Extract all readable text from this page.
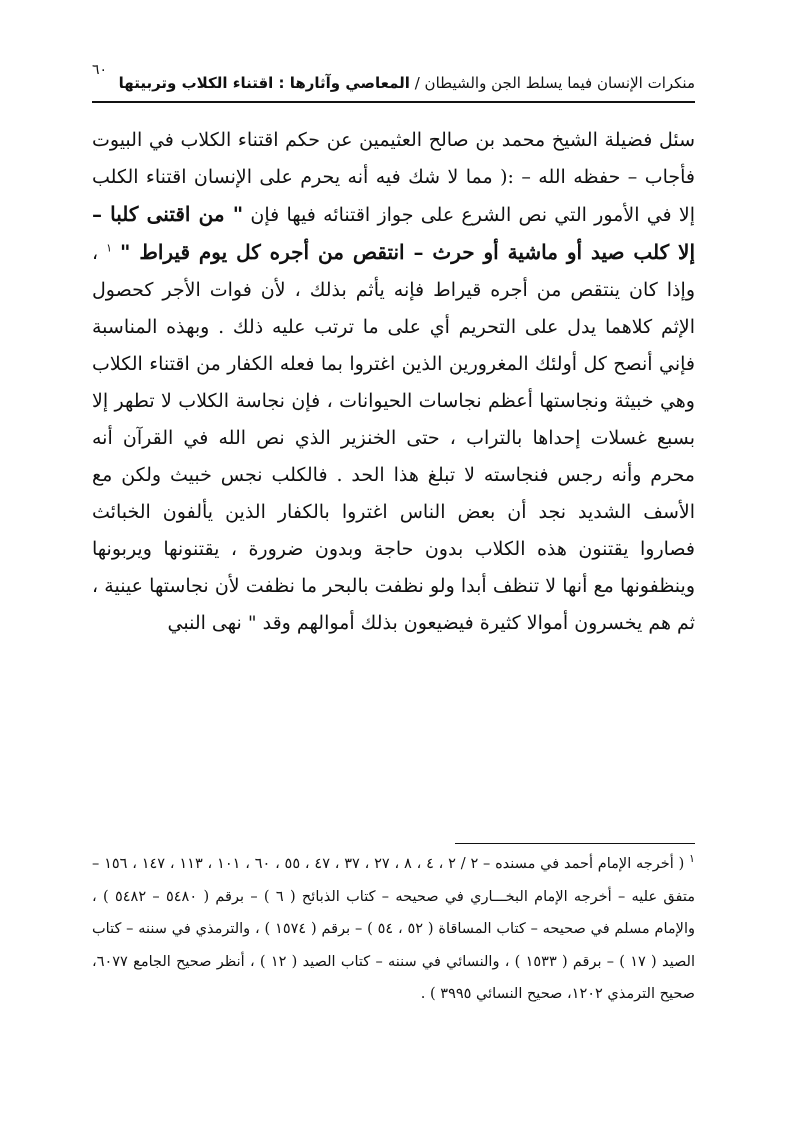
٦٠
منكرات الإنسان فيما يسلط الجن والشيطان / المعاصي وآثارها : اقتناء الكلاب وتربيتها

سئل فضيلة الشيخ محمد بن صالح العثيمين عن حكم اقتناء الكلاب في البيوت فأجاب – حفظه الله – :( مما لا شك فيه أنه يحرم على الإنسان اقتناء الكلب إلا في الأمور التي نص الشرع على جواز اقتنائه فيها فإن " من اقتنى كلبا – إلا كلب صيد أو ماشية أو حرث – انتقص من أجره كل يوم قيراط " $^١$ ، وإذا كان ينتقص من أجره قيراط فإنه يأثم بذلك ، لأن فوات الأجر كحصول الإثم كلاهما يدل على التحريم أي على ما ترتب عليه ذلك . وبهذه المناسبة فإني أنصح كل أولئك المغرورين الذين اغتروا بما فعله الكفار من اقتناء الكلاب وهي خبيثة ونجاستها أعظم نجاسات الحيوانات ، فإن نجاسة الكلاب لا تطهر إلا بسبع غسلات إحداها بالتراب ، حتى الخنزير الذي نص الله في القرآن أنه محرم وأنه رجس فنجاسته لا تبلغ هذا الحد . فالكلب نجس خبيث ولكن مع الأسف الشديد نجد أن بعض الناس اغتروا بالكفار الذين يألفون الخبائث فصاروا يقتنون هذه الكلاب بدون حاجة وبدون ضرورة ، يقتنونها ويربونها وينظفونها مع أنها لا تنظف أبدا ولو نظفت بالبحر ما نظفت لأن نجاستها عينية ، ثم هم يخسرون أموالا كثيرة فيضيعون بذلك أموالهم وقد " نهى النبي

$^١$ ( أخرجه الإمام أحمد في مسنده – ٢ / ٢ ، ٤ ، ٨ ، ٢٧ ، ٣٧ ، ٤٧ ، ٥٥ ، ٦٠ ، ١٠١ ، ١١٣ ، ١٤٧ ، ١٥٦ – متفق عليه – أخرجه الإمام البخـــاري في صحيحه – كتاب الذبائح ( ٦ ) – برقم ( ٥٤٨٠ – ٥٤٨٢ ) ، والإمام مسلم في صحيحه – كتاب المساقاة ( ٥٢ ، ٥٤ ) – برقم ( ١٥٧٤ ) ، والترمذي في سننه – كتاب الصيد ( ١٧ ) – برقم ( ١٥٣٣ ) ، والنسائي في سننه – كتاب الصيد ( ١٢ ) ، أنظر صحيح الجامع ٦٠٧٧، صحيح الترمذي ١٢٠٢، صحيح النسائي ٣٩٩٥ ) .
